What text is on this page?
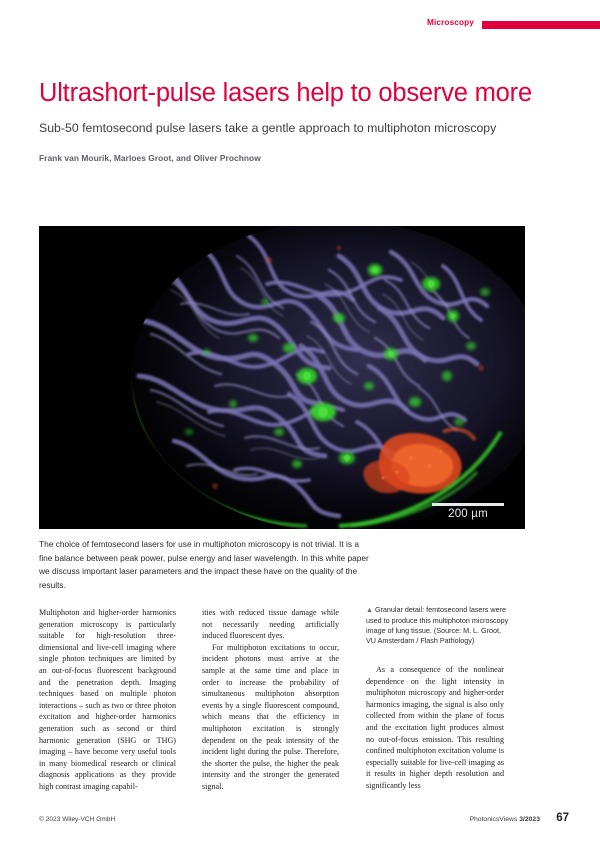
Microscopy
Ultrashort-pulse lasers help to observe more

Sub-50 femtosecond pulse lasers take a gentle approach to multiphoton microscopy

Frank van Mourik, Marloes Groot, and Oliver Prochnow

200 µm
The choice of femtosecond lasers for use in multiphoton microscopy is not trivial. It is a fine balance between peak power, pulse energy and laser wavelength. In this white paper we discuss important laser parameters and the impact these have on the quality of the results.
▲ Granular detail: femtosecond lasers were used to produce this multiphoton microscopy image of lung tissue. (Source: M. L. Groot, VU Amsterdam / Flash Pathology)

Multiphoton and higher-order harmonics generation microscopy is particularly suitable for high-resolution three-dimensional and live-cell imaging where single photon techniques are limited by an out-of-focus fluorescent background and the penetration depth. Imaging techniques based on multiple photon interactions – such as two or three photon excitation and higher-order harmonics generation such as second or third harmonic generation (SHG or THG) imaging – have become very useful tools in many biomedical research or clinical diagnosis applications as they provide high contrast imaging capabil-

ities with reduced tissue damage while not necessarily needing artificially induced fluorescent dyes.

For multiphoton excitations to occur, incident photons must arrive at the sample at the same time and place in order to increase the probability of simultaneous multiphoton absorption events by a single fluorescent compound, which means that the efficiency in multiphoton excitation is strongly dependent on the peak intensity of the incident light during the pulse. Therefore, the shorter the pulse, the higher the peak intensity and the stronger the generated signal.

As a consequence of the nonlinear dependence on the light intensity in multiphoton microscopy and higher-order harmonics imaging, the signal is also only collected from within the plane of focus and the excitation light produces almost no out-of-focus emission. This resulting confined multiphoton excitation volume is especially suitable for live-cell imaging as it results in higher depth resolution and significantly less

© 2023 Wiley-VCH GmbH	PhotonicsViews 3/2023 67
